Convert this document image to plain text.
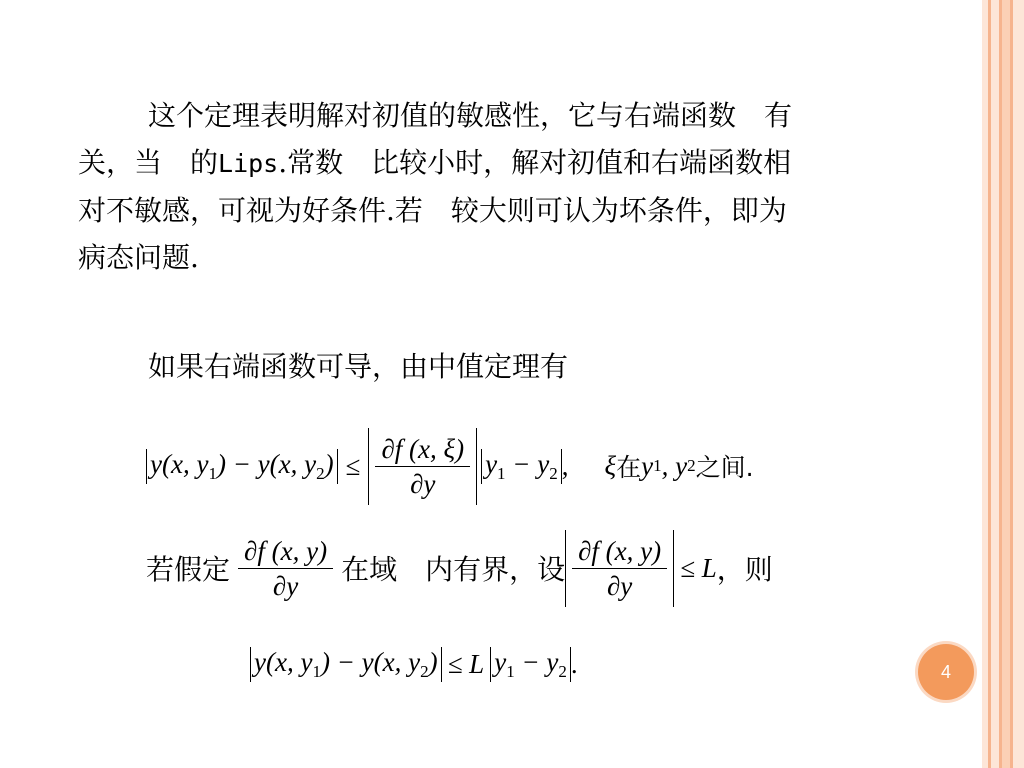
这个定理表明解对初值的敏感性，它与右端函数　有
关，当　的Lips.常数　比较小时，解对初值和右端函数相
对不敏感，可视为好条件.若　较大则可认为坏条件，即为
病态问题.
如果右端函数可导，由中值定理有
y(x, $y_1) - y(x$, $y_2) \le \frac{\partial f (x, \xi)}{\partial y} y_1 - y_2$ , ξ 在 y 1 , y 2 之间.
若假定 $\frac{\partial f (x, y)}{\partial y}$ 在域　内有界，设 $\frac{\partial f (x, y)}{\partial y} \le L$ ，则
y(x, $y_1) - y(x$, $y_2) \le L$ $y_1 - y_2$ .	4
